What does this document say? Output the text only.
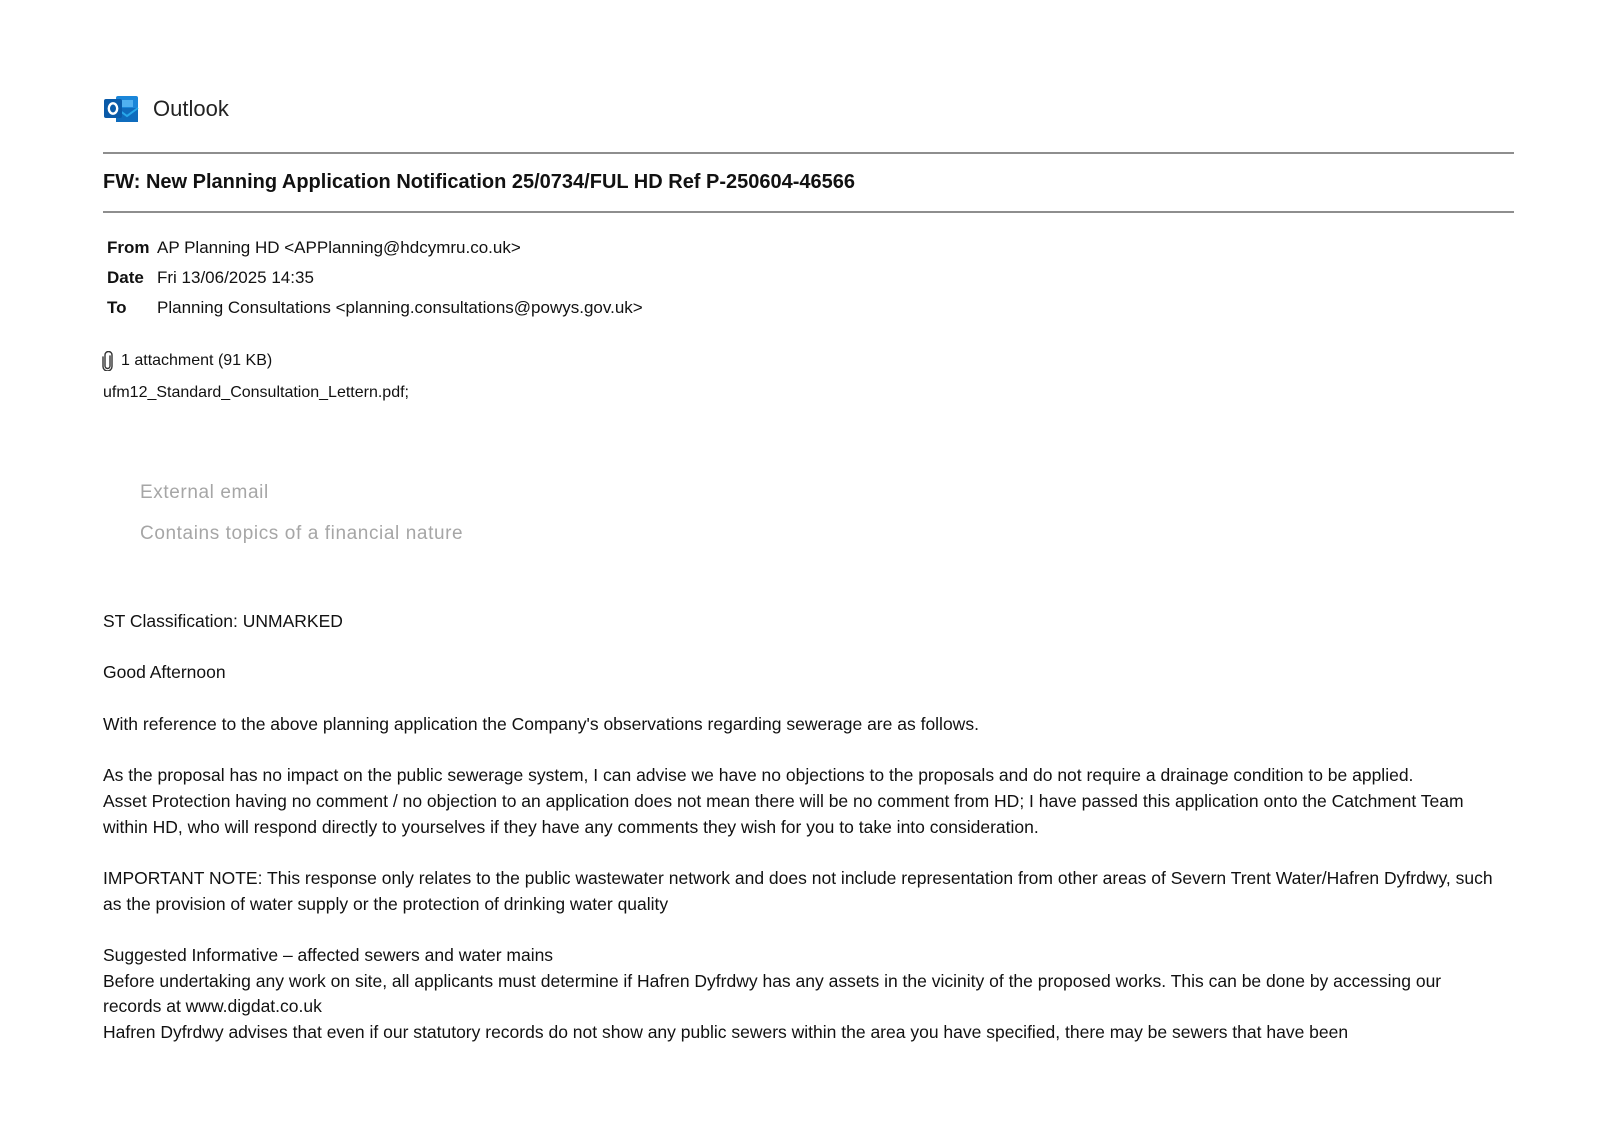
Outlook
FW: New Planning Application Notification 25/0734/FUL HD Ref P-250604-46566
From AP Planning HD <APPlanning@hdcymru.co.uk>
Date Fri 13/06/2025 14:35
To	Planning Consultations <planning.consultations@powys.gov.uk>
1 attachment (91 KB)
ufm12_Standard_Consultation_Lettern.pdf;
External email
Contains topics of a financial nature

ST Classification: UNMARKED

Good Afternoon

With reference to the above planning application the Company's observations regarding sewerage are as follows.

As the proposal has no impact on the public sewerage system, I can advise we have no objections to the proposals and do not require a drainage condition to be applied.

Asset Protection having no comment / no objection to an application does not mean there will be no comment from HD; I have passed this application onto the Catchment Team within HD, who will respond directly to yourselves if they have any comments they wish for you to take into consideration.

IMPORTANT NOTE: This response only relates to the public wastewater network and does not include representation from other areas of Severn Trent Water/Hafren Dyfrdwy, such as the provision of water supply or the protection of drinking water quality

Suggested Informative – affected sewers and water mains

Before undertaking any work on site, all applicants must determine if Hafren Dyfrdwy has any assets in the vicinity of the proposed works. This can be done by accessing our records at www.digdat.co.uk

Hafren Dyfrdwy advises that even if our statutory records do not show any public sewers within the area you have specified, there may be sewers that have been
